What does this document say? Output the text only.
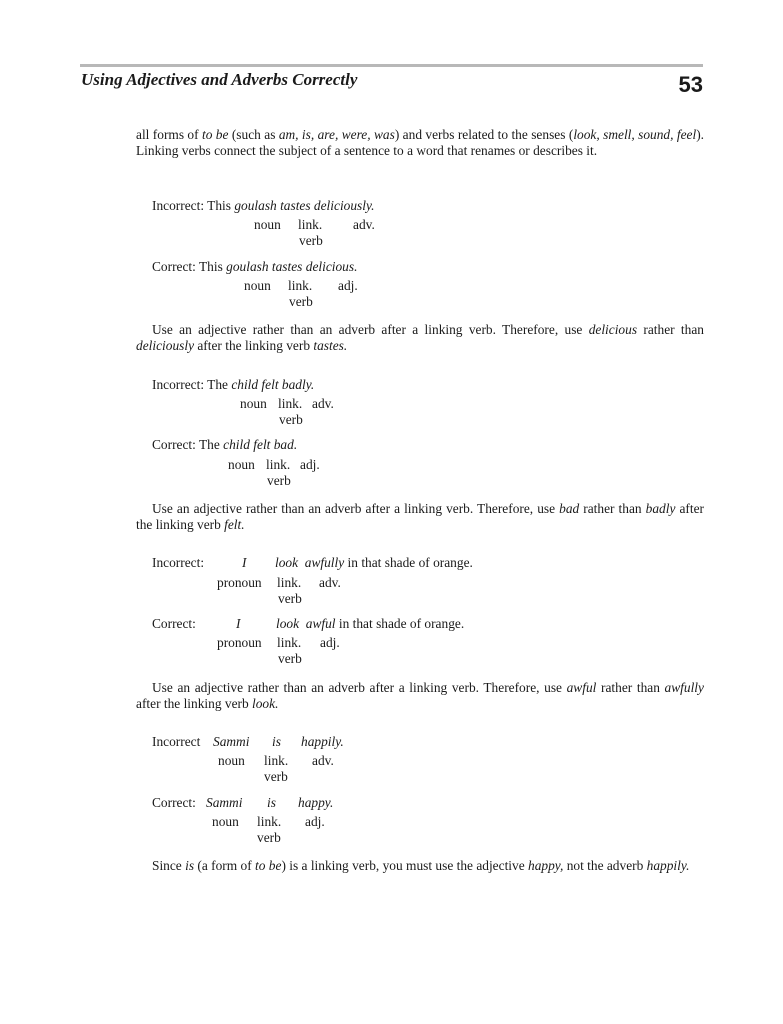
Using Adjectives and Adverbs Correctly	53
all forms of to be (such as am, is, are, were, was) and verbs related to the senses (look, smell, sound, feel). Linking verbs connect the subject of a sentence to a word that renames or describes it.
Incorrect: This goulash tastes deliciously.
noun link. adv.
verb
Correct: This goulash tastes delicious.
noun link. adj.
verb
Use an adjective rather than an adverb after a linking verb. Therefore, use delicious rather than deliciously after the linking verb tastes.
Incorrect: The child felt badly.
noun link. adv.
verb
Correct: The child felt bad.
noun link. adj.
verb
Use an adjective rather than an adverb after a linking verb. Therefore, use bad rather than badly after the linking verb felt.
Incorrect:	I look awfully in that shade of orange.
pronoun link. adv.
verb
Correct:	I	look awful in that shade of orange.
pronoun link. adj.
verb
Use an adjective rather than an adverb after a linking verb. Therefore, use awful rather than awfully after the linking verb look.
Incorrect Sammi is happily.
noun link. adv.
verb
Correct: Sammi is happy.
noun link. adj.
verb
Since is (a form of to be) is a linking verb, you must use the adjective happy, not the adverb happily.
